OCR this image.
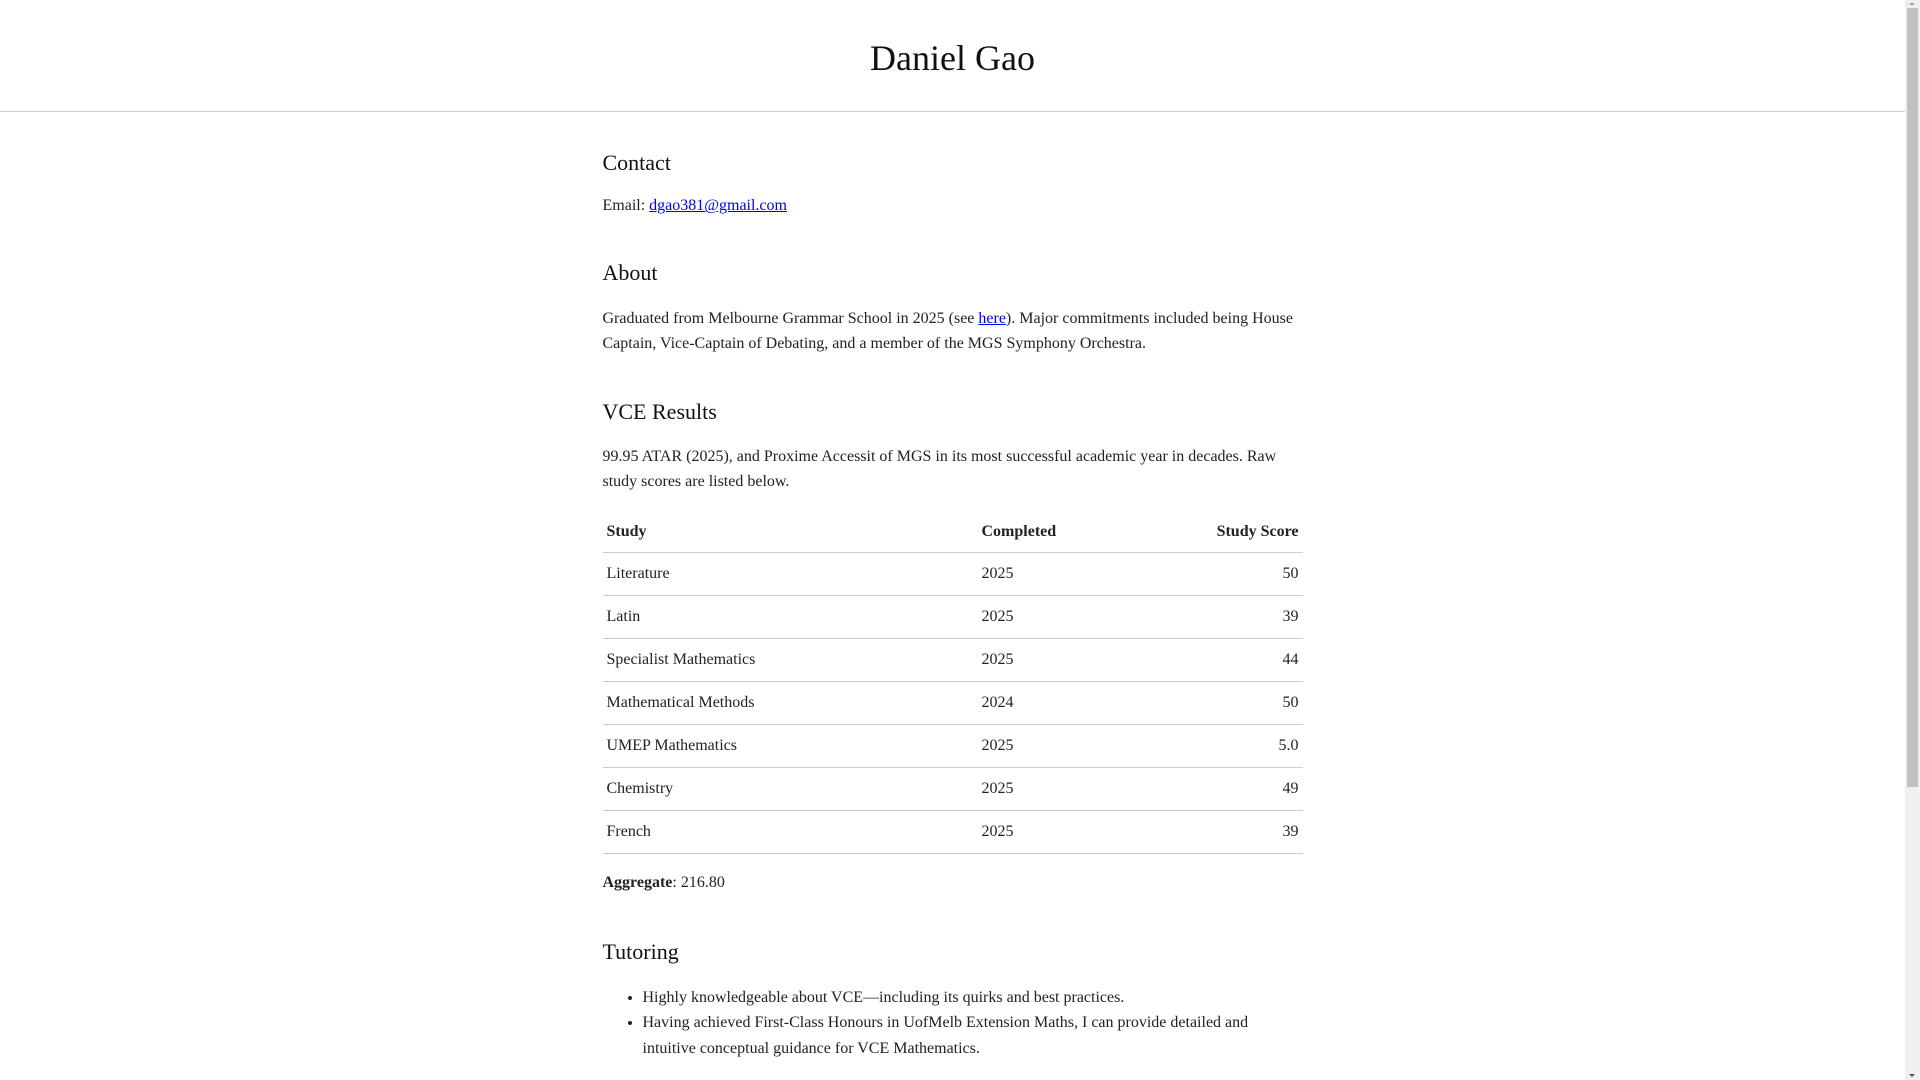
Daniel Gao
Contact

Email: dgao381@gmail.com

About

Graduated from Melbourne Grammar School in 2025 (see here). Major commitments included being House Captain, Vice-Captain of Debating, and a member of the MGS Symphony Orchestra.

VCE Results

99.95 ATAR (2025), and Proxime Accessit of MGS in its most successful academic year in decades. Raw study scores are listed below.

Study	Completed	Study Score
Literature	2025	50
Latin	2025	39
Specialist Mathematics	2025	44
Mathematical Methods	2024	50
UMEP Mathematics	2025	5.0
Chemistry	2025	49
French	2025	39

Aggregate: 216.80

Tutoring
• Highly knowledgeable about VCE—including its quirks and best practices.
• Having achieved First-Class Honours in UofMelb Extension Maths, I can provide detailed and intuitive conceptual guidance for VCE Mathematics.
